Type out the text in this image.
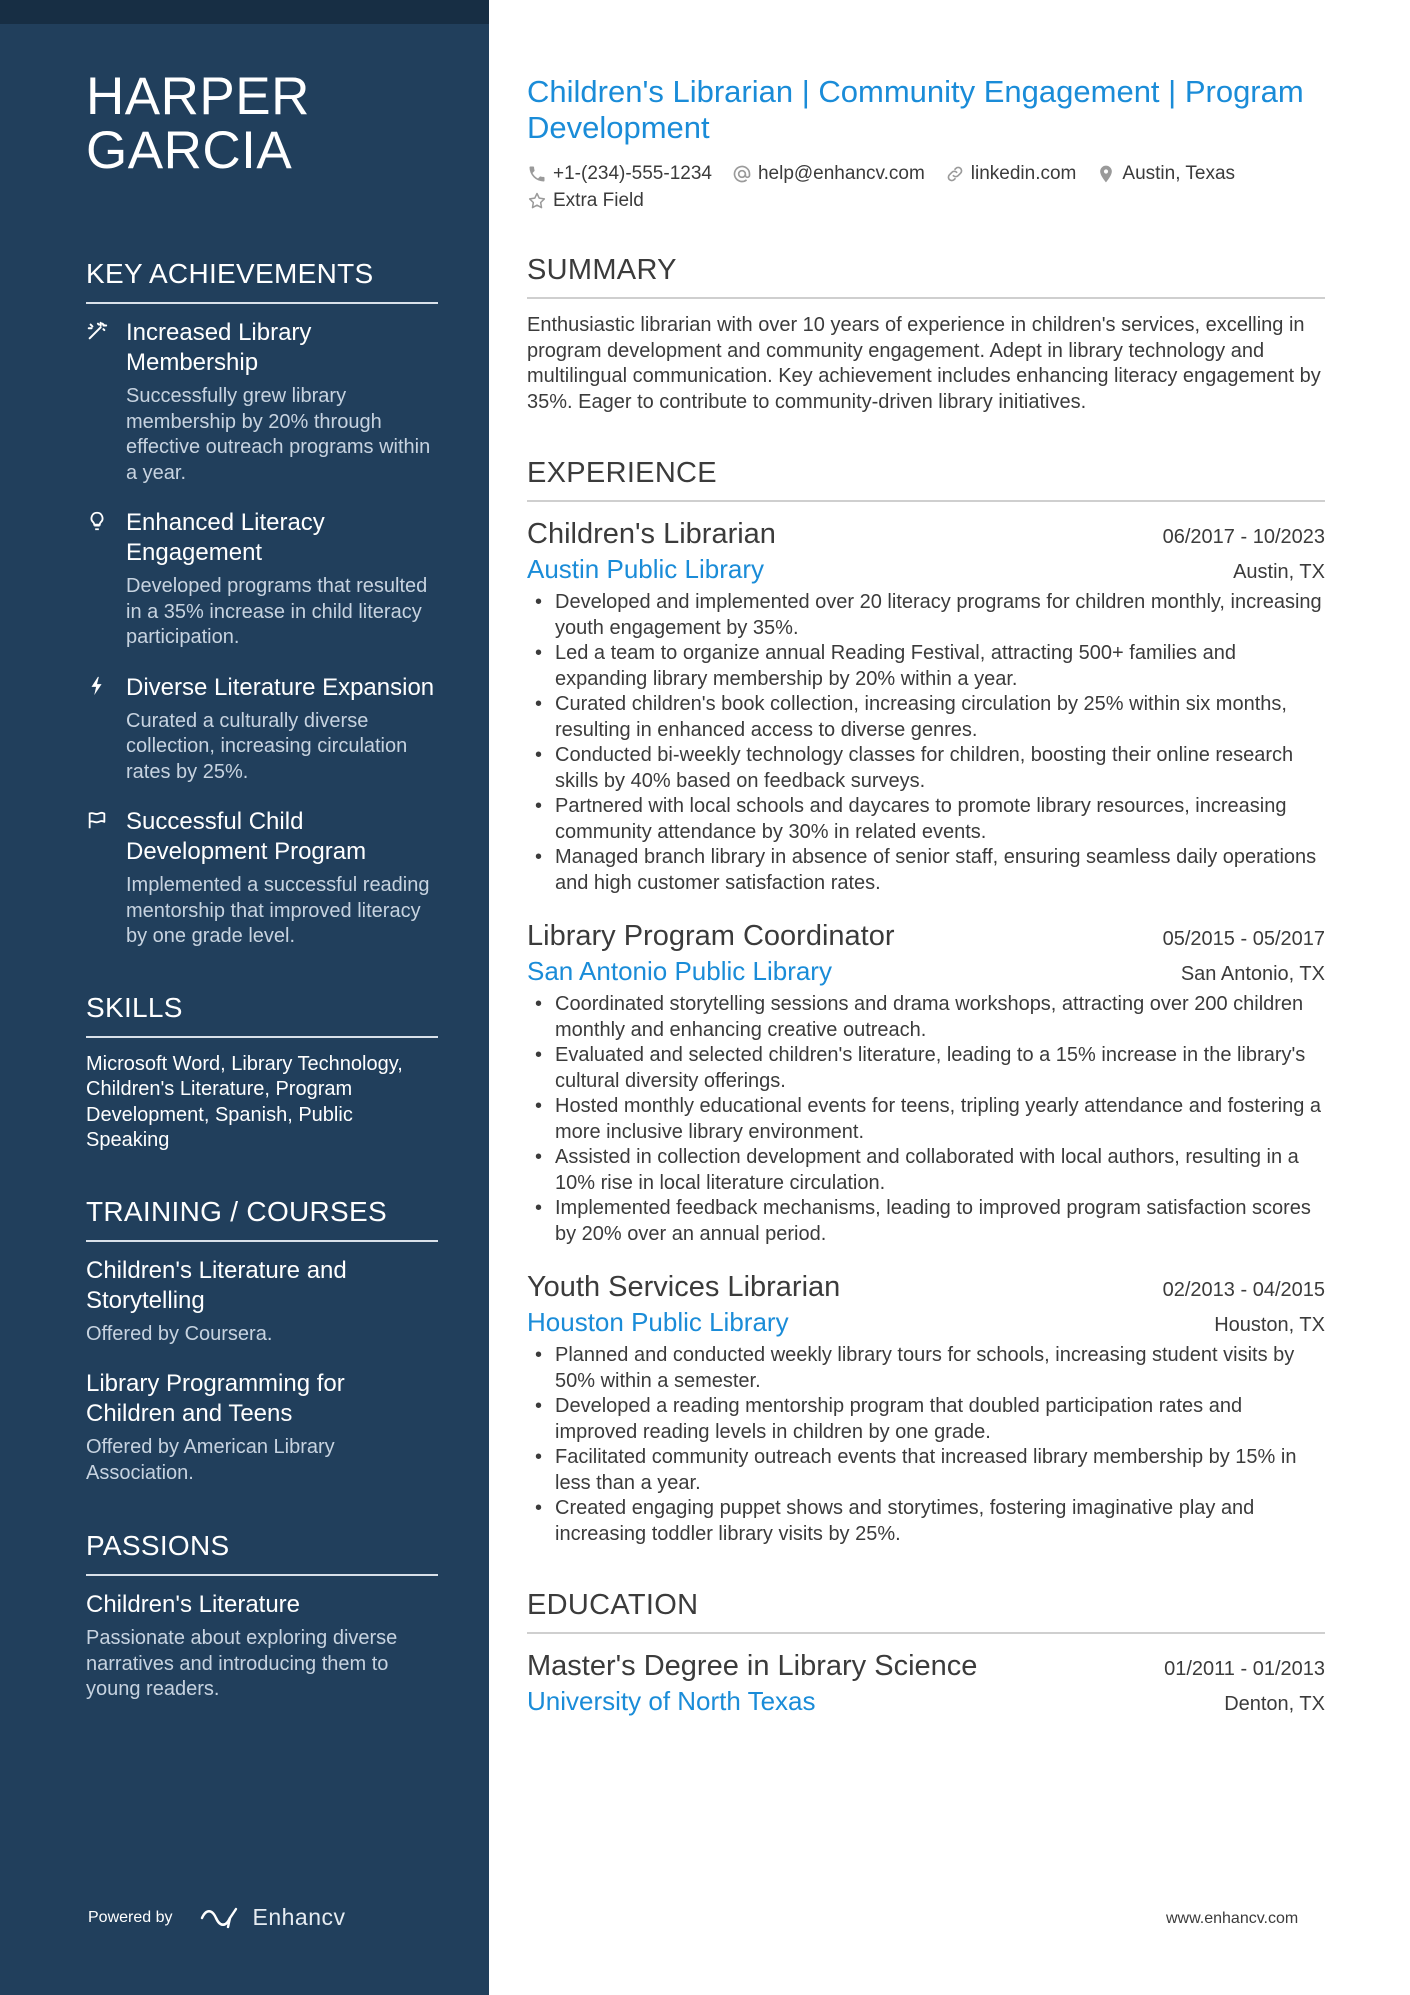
HARPER
GARCIA
KEY ACHIEVEMENTS
Increased Library Membership
Successfully grew library membership by 20% through effective outreach programs within a year.
Enhanced Literacy Engagement
Developed programs that resulted in a 35% increase in child literacy participation.
Diverse Literature Expansion
Curated a culturally diverse collection, increasing circulation rates by 25%.
Successful Child Development Program
Implemented a successful reading mentorship that improved literacy by one grade level.
SKILLS
Microsoft Word, Library Technology, Children's Literature, Program Development, Spanish, Public Speaking
TRAINING / COURSES
Children's Literature and Storytelling
Offered by Coursera.
Library Programming for Children and Teens
Offered by American Library Association.
PASSIONS
Children's Literature
Passionate about exploring diverse narratives and introducing them to young readers.
Powered by	Enhancv
Children's Librarian | Community Engagement | Program Development
+1-(234)-555-1234 help@enhancv.com linkedin.com Austin, Texas
Extra Field
SUMMARY
Enthusiastic librarian with over 10 years of experience in children's services, excelling in program development and community engagement. Adept in library technology and multilingual communication. Key achievement includes enhancing literacy engagement by 35%. Eager to contribute to community-driven library initiatives.
EXPERIENCE
Children's Librarian	06/2017 - 10/2023
Austin Public Library	Austin, TX
• Developed and implemented over 20 literacy programs for children monthly, increasing youth engagement by 35%.
• Led a team to organize annual Reading Festival, attracting 500+ families and expanding library membership by 20% within a year.
• Curated children's book collection, increasing circulation by 25% within six months, resulting in enhanced access to diverse genres.
• Conducted bi-weekly technology classes for children, boosting their online research skills by 40% based on feedback surveys.
• Partnered with local schools and daycares to promote library resources, increasing community attendance by 30% in related events.
• Managed branch library in absence of senior staff, ensuring seamless daily operations and high customer satisfaction rates.
Library Program Coordinator	05/2015 - 05/2017
San Antonio Public Library	San Antonio, TX
• Coordinated storytelling sessions and drama workshops, attracting over 200 children monthly and enhancing creative outreach.
• Evaluated and selected children's literature, leading to a 15% increase in the library's cultural diversity offerings.
• Hosted monthly educational events for teens, tripling yearly attendance and fostering a more inclusive library environment.
• Assisted in collection development and collaborated with local authors, resulting in a 10% rise in local literature circulation.
• Implemented feedback mechanisms, leading to improved program satisfaction scores by 20% over an annual period.
Youth Services Librarian	02/2013 - 04/2015
Houston Public Library	Houston, TX
• Planned and conducted weekly library tours for schools, increasing student visits by 50% within a semester.
• Developed a reading mentorship program that doubled participation rates and improved reading levels in children by one grade.
• Facilitated community outreach events that increased library membership by 15% in less than a year.
• Created engaging puppet shows and storytimes, fostering imaginative play and increasing toddler library visits by 25%.
EDUCATION
Master's Degree in Library Science	01/2011 - 01/2013
University of North Texas	Denton, TX
www.enhancv.com
